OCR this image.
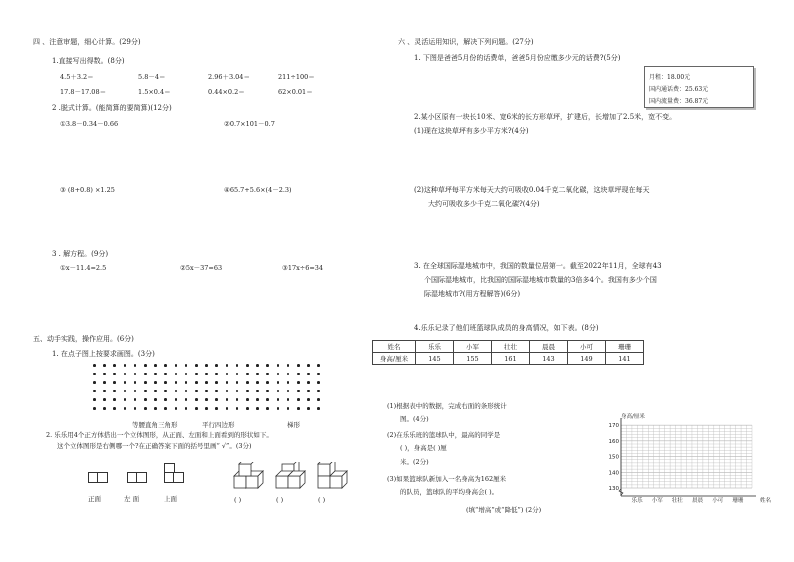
四 、注意审题，细心计算。(29分)
1.直接写出得数。(8分)
4.5＋3.2＝	5.8－4＝	2.96＋3.04＝	211÷100＝
17.8－17.08＝	1.5×0.4＝	0.44×0.2＝	62×0.01＝
2 .脱式计算。(能简算的要简算)(12分)
①3.8－0.34－0.66	②0.7×101－0.7
③ (8+0.8) ×1.25	④65.7+5.6×(4－2.3)
3 . 解方程。(9分)
①x－11.4=2.5	②5x－37=63	③17x÷6=34
五、动手实践，操作应用。(6分)
1. 在点子图上按要求画图。(3分)
等腰直角三角形	平行四边形	梯形
2. 乐乐用4个正方体搭出一个立体图形，从正面、左面和上面看到的形状如下。
这个立体图形是右侧哪一个?在正确答案下面的括号里画“ √”。(3分)
正面	左 面	上面	( )	( )	( )
六 、灵活运用知识，解决下列问题。(27分)
1. 下图是爸爸5月份的话费单，爸爸5月份应缴多少元的话费?(5分)
月租：18.00元
国内通话费：25.63元
国内流量费：36.87元
2.某小区原有一块长10米、宽6米的长方形草坪，扩建后，长增加了2.5米，宽不变。
(1)现在这块草坪有多少平方米?(4分)
(2)这种草坪每平方米每天大约可吸收0.04千克二氧化碳，这块草坪现在每天
大约可吸收多少千克二氧化碳?(4分)
3. 在全球国际湿地城市中，我国的数量位居第一。截至2022年11月，全球有43
个国际湿地城市，比我国的国际湿地城市数量的3倍多4个。我国有多少个国
际湿地城市?(用方程解答)(6分)
4.乐乐记录了他们班篮球队成员的身高情况，如下表。(8分)
姓名	乐乐	小军	壮壮	晨晨	小可	珊珊
身高/厘米	145	155	161	143	149	141
(1)根据表中的数据，完成右面的条形统计
图。(4分)
(2)在乐乐班的篮球队中，最高的同学是
( )，身高是( )厘
米。(2分)
(3)如果篮球队新加入一名身高为162厘米
的队员，篮球队的平均身高会( )。
(填“增高”或“降低”) (2分)
身高/厘米
130
140
150
160
170
乐乐 小军 壮壮 晨晨 小可 珊珊	姓名
